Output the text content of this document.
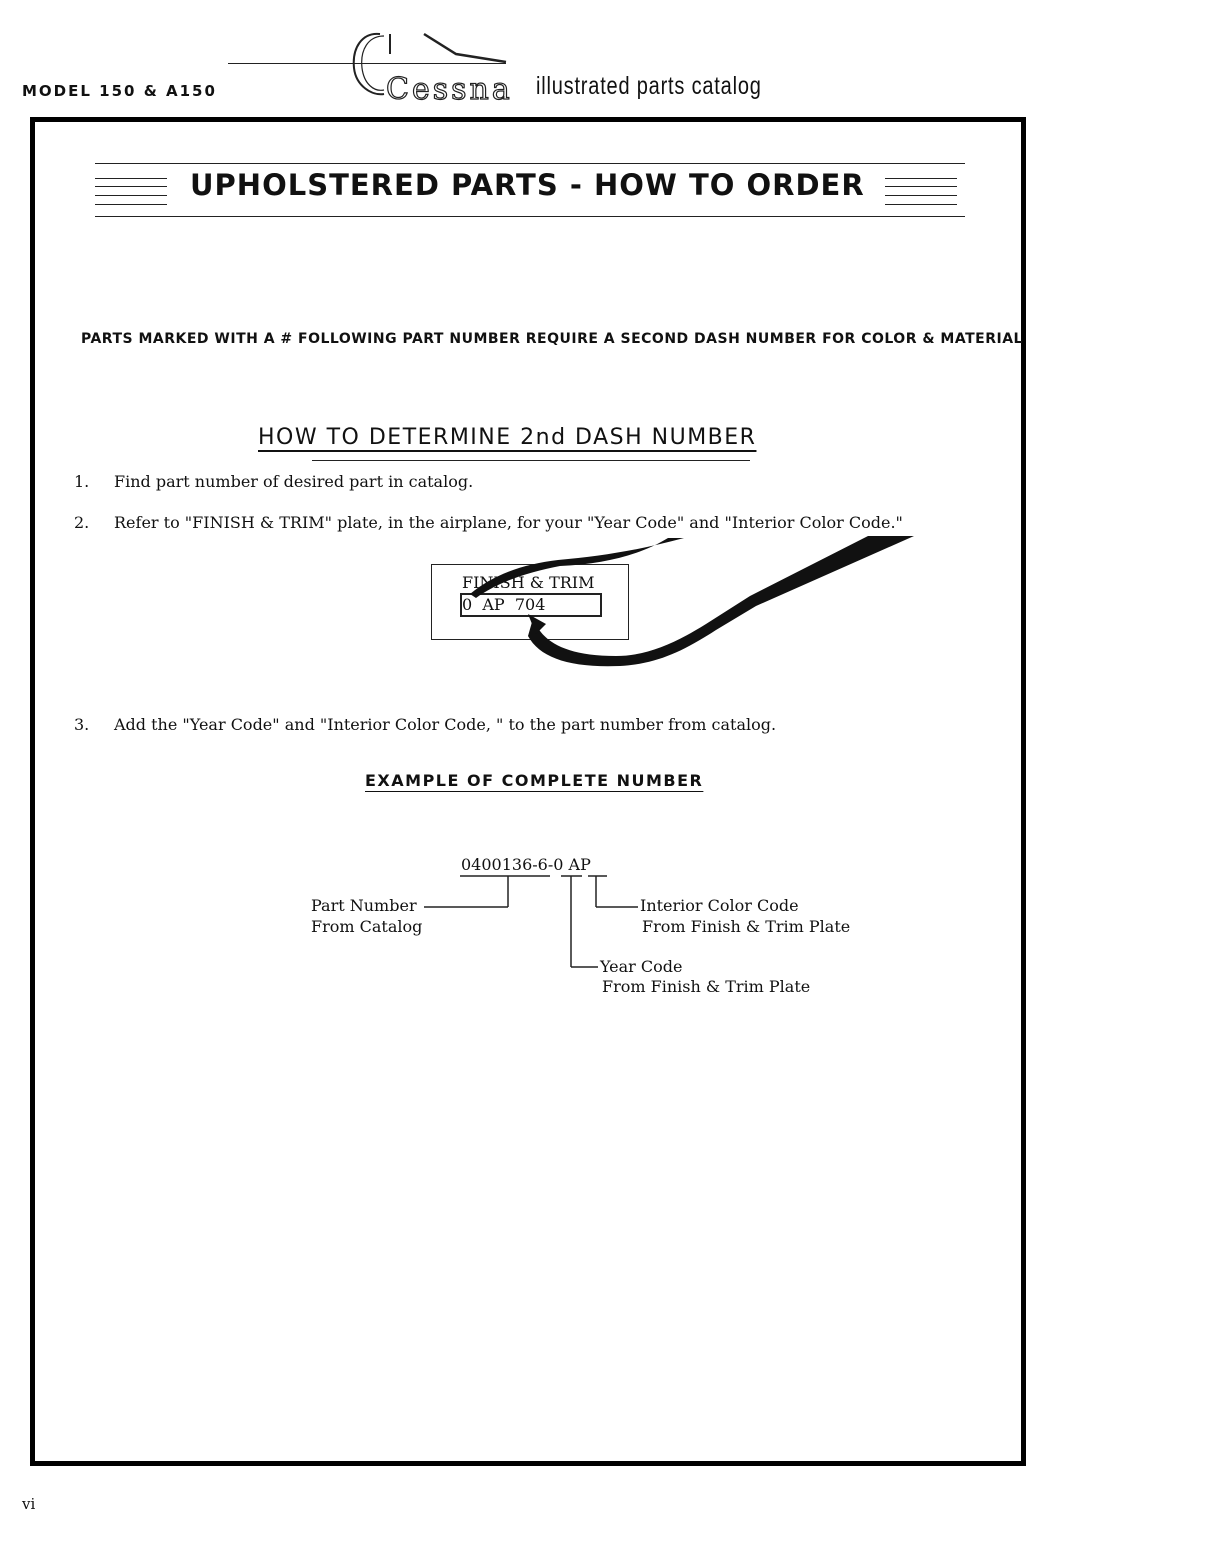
MODEL 150 & A150	Cessna illustrated parts catalog
UPHOLSTERED PARTS - HOW TO ORDER
PARTS MARKED WITH A # FOLLOWING PART NUMBER REQUIRE A SECOND DASH NUMBER FOR COLOR & MATERIAL
HOW TO DETERMINE 2nd DASH NUMBER
1. Find part number of desired part in catalog.
2. Refer to "FINISH & TRIM" plate, in the airplane, for your "Year Code" and "Interior Color Code."
FINISH & TRIM
0  AP  704
3. Add the "Year Code" and "Interior Color Code, " to the part number from catalog.
EXAMPLE OF COMPLETE NUMBER
0400136-6-0 AP
Part Number
From Catalog
Interior Color Code
From Finish & Trim Plate
Year Code
From Finish & Trim Plate
vi
